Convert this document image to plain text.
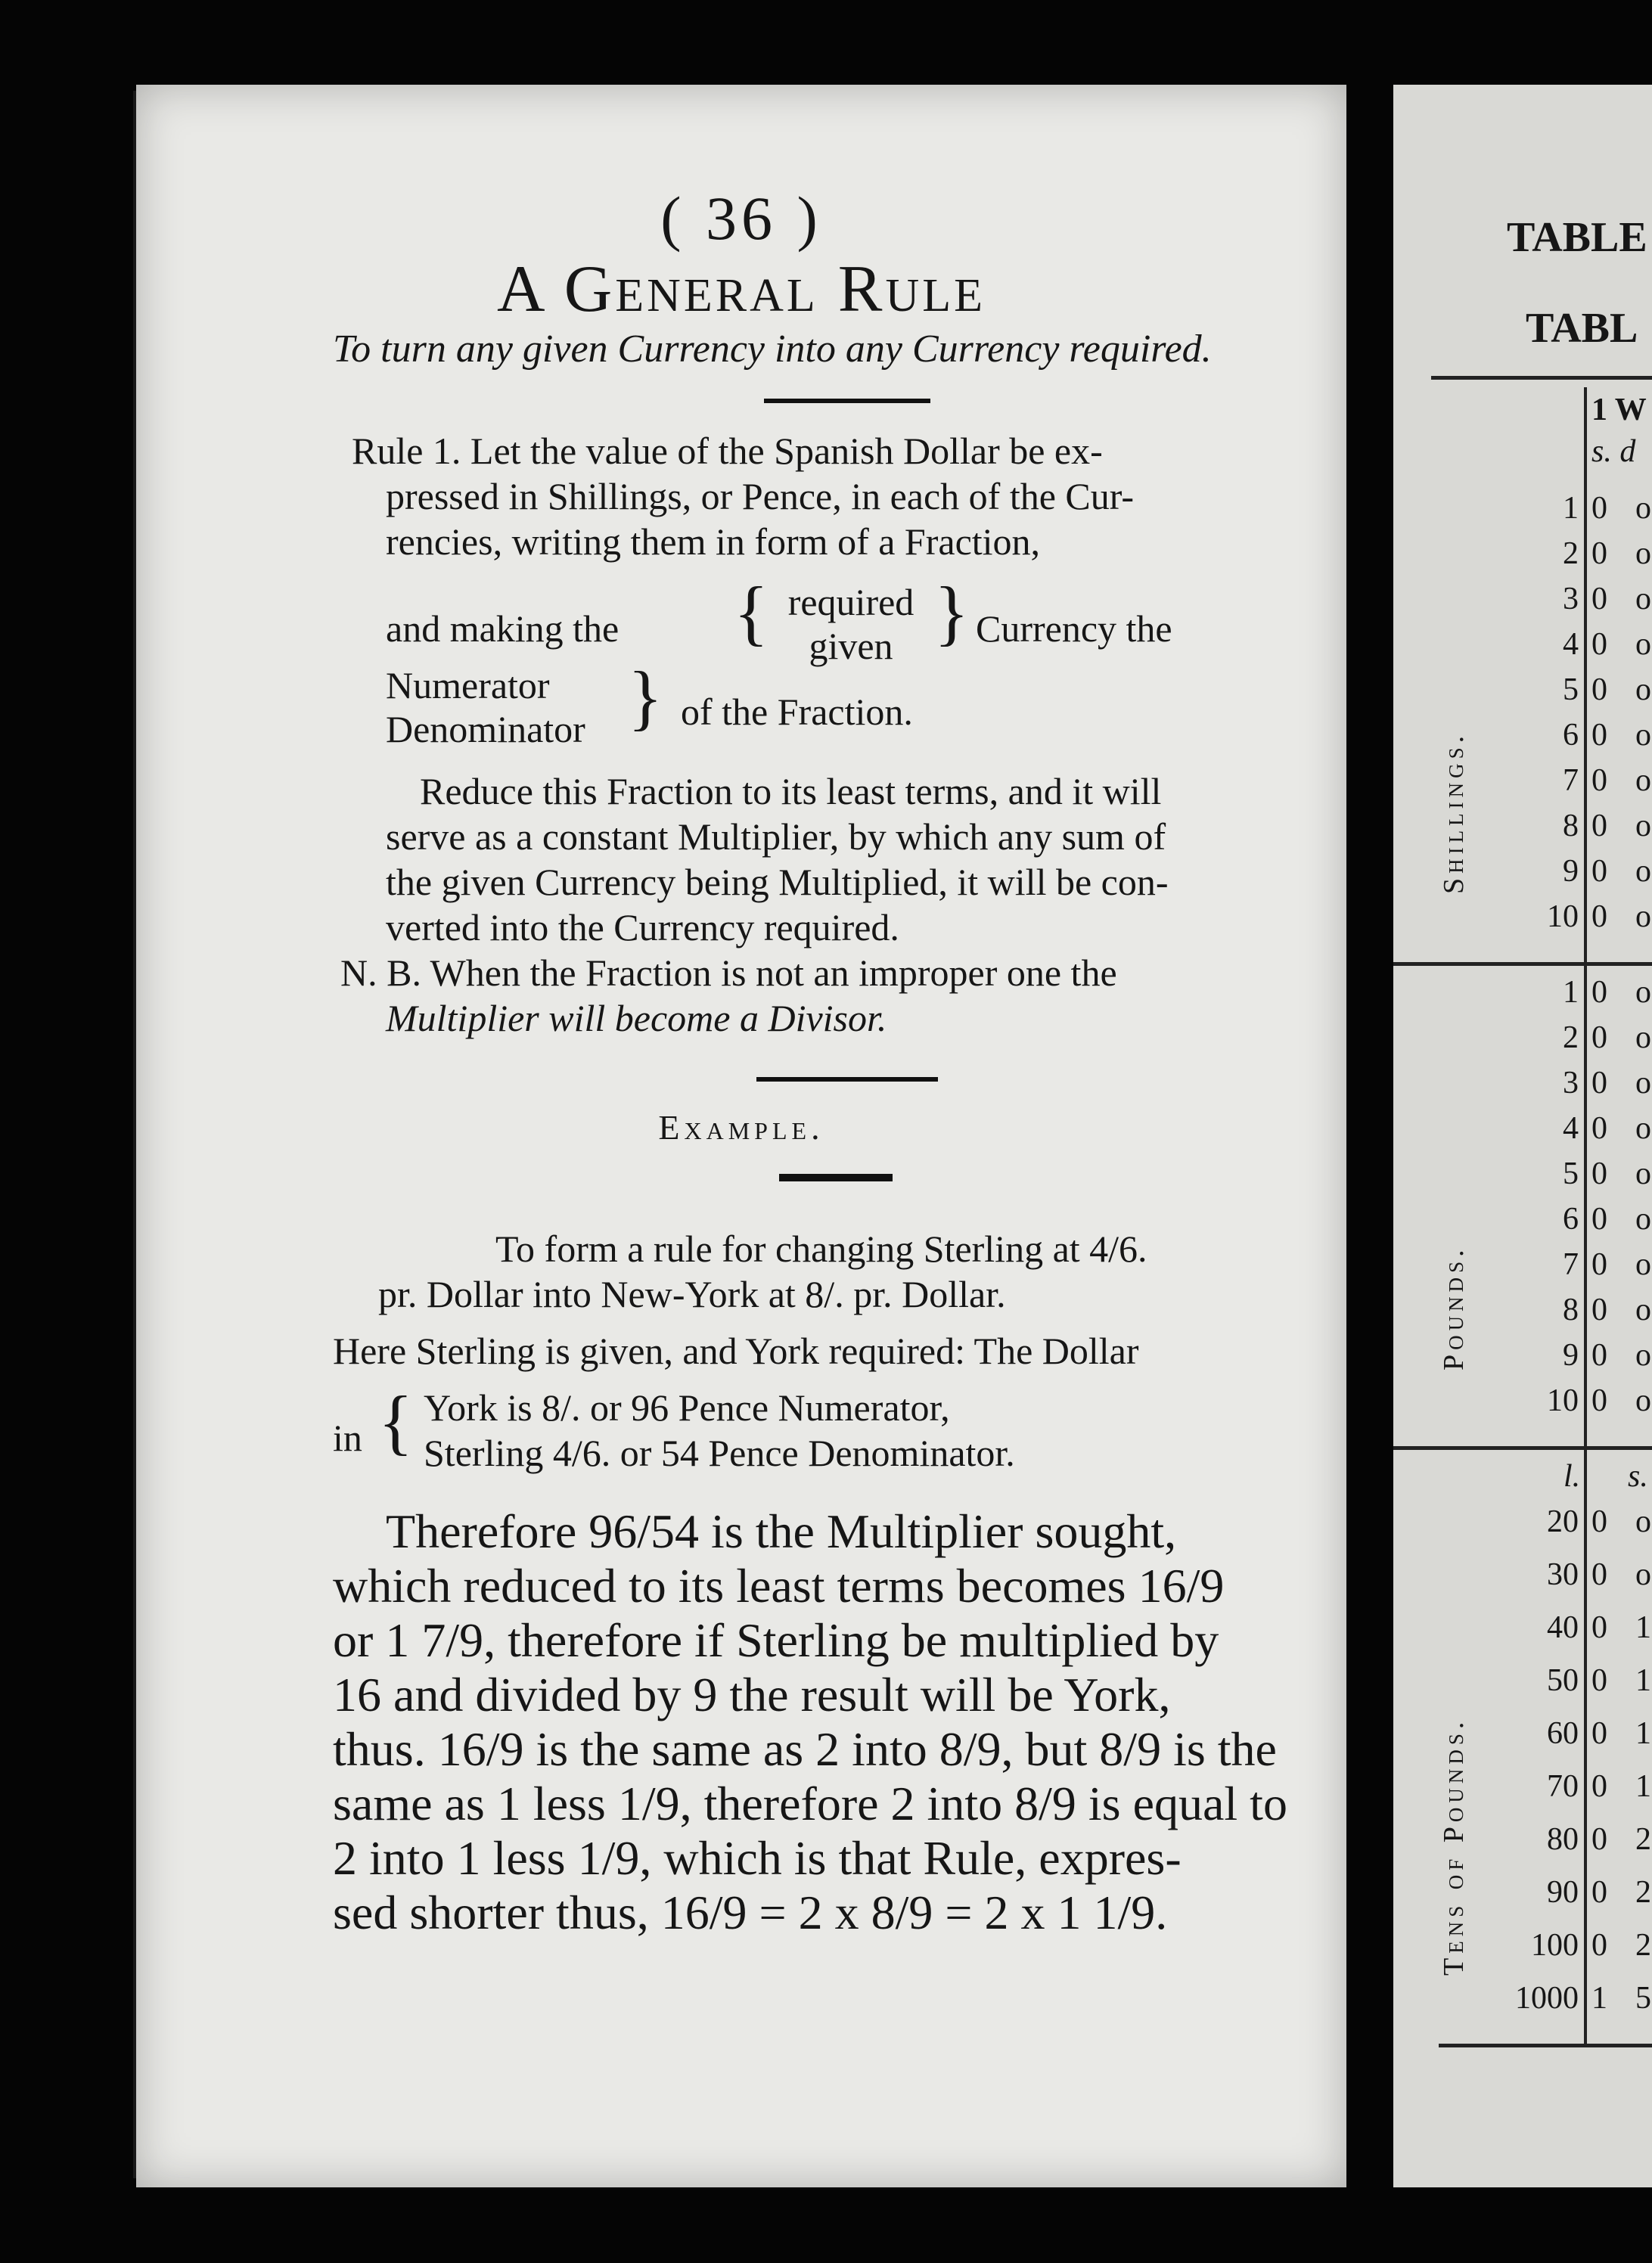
( 36 )
A General Rule
To turn any given Currency into any Currency required.
Rule 1. Let the value of the Spanish Dollar be ex-
pressed in Shillings, or Pence, in each of the Cur-
rencies, writing them in form of a Fraction,
and making the { required
given } Currency the
Numerator
Denominator } of the Fraction.
Reduce this Fraction to its least terms, and it will
serve as a constant Multiplier, by which any sum of
the given Currency being Multiplied, it will be con-
verted into the Currency required.
N. B. When the Fraction is not an improper one the
Multiplier will become a Divisor.
Example.
To form a rule for changing Sterling at 4/6.
pr. Dollar into New-York at 8/. pr. Dollar.
Here Sterling is given, and York required: The Dollar
in { York is 8/. or 96 Pence Numerator,
Sterling 4/6. or 54 Pence Denominator.
Therefore 96/54 is the Multiplier sought,
which reduced to its least terms becomes 16/9
or 1 7/9, therefore if Sterling be multiplied by
16 and divided by 9 the result will be York,
thus. 16/9 is the same as 2 into 8/9, but 8/9 is the
same as 1 less 1/9, therefore 2 into 8/9 is equal to
2 into 1 less 1/9, which is that Rule, expres-
sed shorter thus, 16/9 = 2 x 8/9 = 2 x 1 1/9.
TABLE
TABL
1 W
s. d
Shillings.
Pounds.
Tens of Pounds.
l. s.
1 0 o
2 0 o
3 0 o
4 0 o
5 0 o
6 0 o
7 0 o
8 0 o
9 0 o
10 0 o
1 0 o
2 0 o
3 0 o
4 0 o
5 0 o
6 0 o
7 0 o
8 0 o
9 0 o
10 0 o
20 0 o
30 0 o
40 0 1
50 0 1
60 0 1
70 0 1
80 0 2
90 0 2
100 0 2
1000 1 5
